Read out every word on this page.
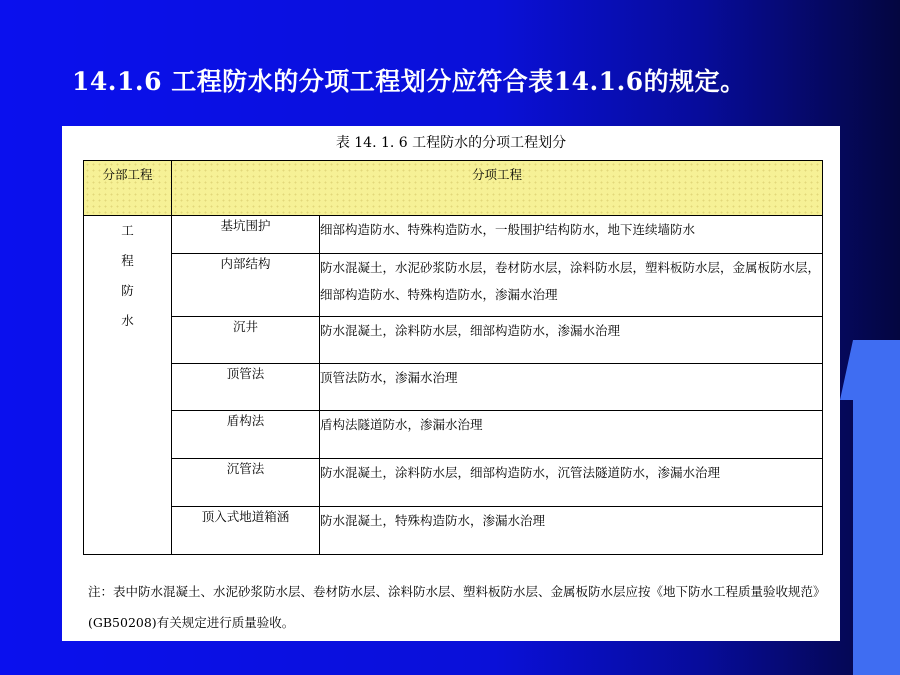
14.1.6 工程防水的分项工程划分应符合表14.1.6的规定。
表 14. 1. 6 工程防水的分项工程划分
分部工程	分项工程	

工
程
防
水	基坑围护	细部构造防水、特殊构造防水，一般围护结构防水，地下连续墙防水
	内部结构	防水混凝土，水泥砂浆防水层，卷材防水层，涂料防水层，塑料板防水层，金属板防水层，细部构造防水、特殊构造防水，渗漏水治理
	沉井	防水混凝土，涂料防水层，细部构造防水，渗漏水治理
	顶管法	顶管法防水，渗漏水治理
	盾构法	盾构法隧道防水，渗漏水治理
	沉管法	防水混凝土，涂料防水层，细部构造防水，沉管法隧道防水，渗漏水治理
	顶入式地道箱涵	防水混凝土，特殊构造防水，渗漏水治理
注：表中防水混凝土、水泥砂浆防水层、卷材防水层、涂料防水层、塑料板防水层、金属板防水层应按《地下防水工程质量验收规范》(GB50208)有关规定进行质量验收。
